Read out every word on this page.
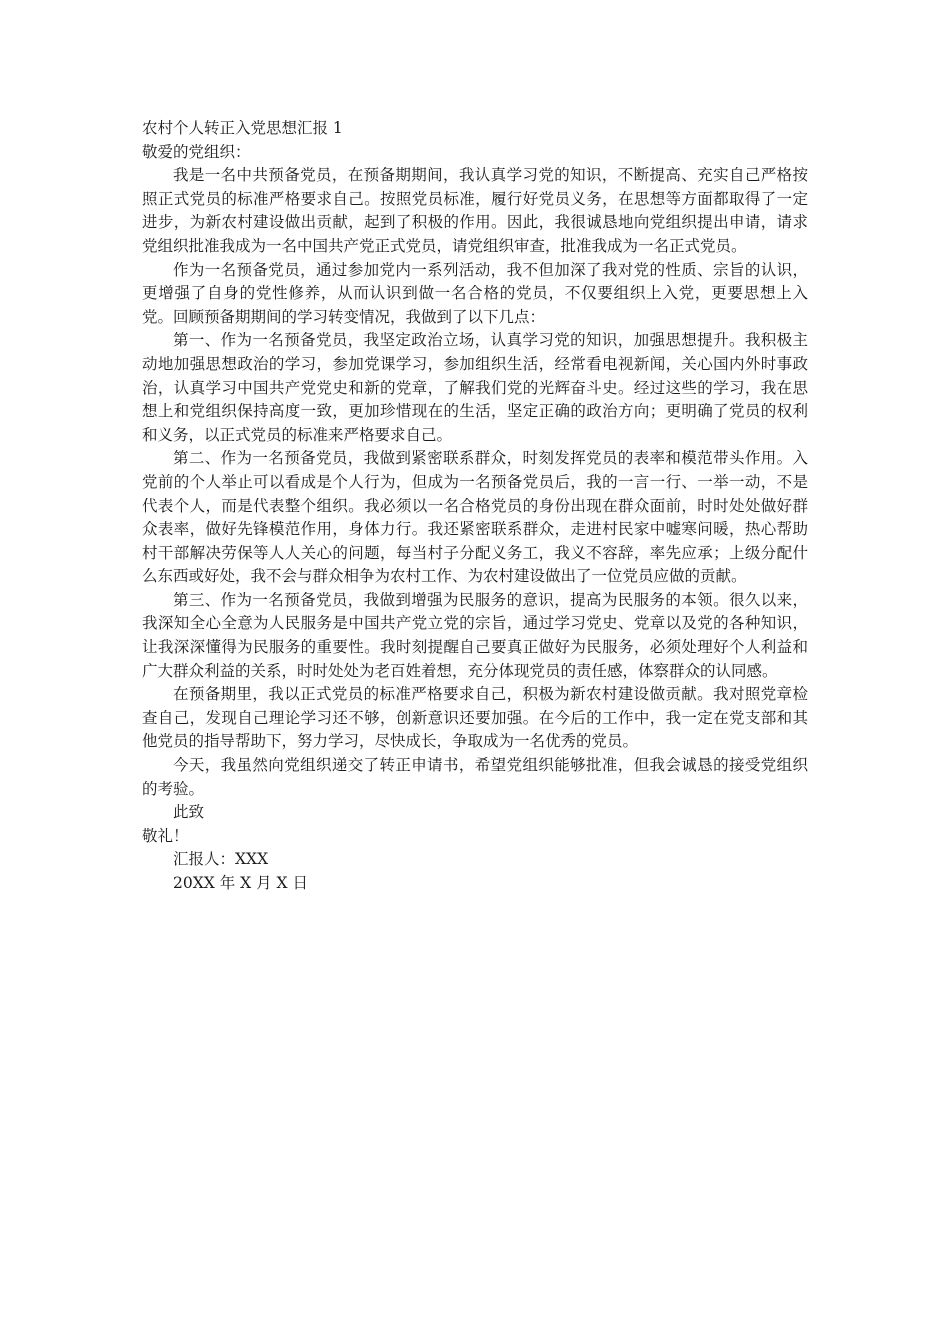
农村个人转正入党思想汇报 1

敬爱的党组织：

我是一名中共预备党员，在预备期期间，我认真学习党的知识，不断提高、充实自己严格按照正式党员的标准严格要求自己。按照党员标准，履行好党员义务，在思想等方面都取得了一定进步，为新农村建设做出贡献，起到了积极的作用。因此，我很诚恳地向党组织提出申请，请求党组织批准我成为一名中国共产党正式党员，请党组织审查，批准我成为一名正式党员。

作为一名预备党员，通过参加党内一系列活动，我不但加深了我对党的性质、宗旨的认识，更增强了自身的党性修养，从而认识到做一名合格的党员，不仅要组织上入党，更要思想上入党。回顾预备期期间的学习转变情况，我做到了以下几点：

第一、作为一名预备党员，我坚定政治立场，认真学习党的知识，加强思想提升。我积极主动地加强思想政治的学习，参加党课学习，参加组织生活，经常看电视新闻，关心国内外时事政治，认真学习中国共产党党史和新的党章，了解我们党的光辉奋斗史。经过这些的学习，我在思想上和党组织保持高度一致，更加珍惜现在的生活，坚定正确的政治方向；更明确了党员的权利和义务，以正式党员的标准来严格要求自己。

第二、作为一名预备党员，我做到紧密联系群众，时刻发挥党员的表率和模范带头作用。入党前的个人举止可以看成是个人行为，但成为一名预备党员后，我的一言一行、一举一动，不是代表个人，而是代表整个组织。我必须以一名合格党员的身份出现在群众面前，时时处处做好群众表率，做好先锋模范作用，身体力行。我还紧密联系群众，走进村民家中嘘寒问暖，热心帮助村干部解决劳保等人人关心的问题，每当村子分配义务工，我义不容辞，率先应承；上级分配什么东西或好处，我不会与群众相争为农村工作、为农村建设做出了一位党员应做的贡献。

第三、作为一名预备党员，我做到增强为民服务的意识，提高为民服务的本领。很久以来，我深知全心全意为人民服务是中国共产党立党的宗旨，通过学习党史、党章以及党的各种知识，让我深深懂得为民服务的重要性。我时刻提醒自己要真正做好为民服务，必须处理好个人利益和广大群众利益的关系，时时处处为老百姓着想，充分体现党员的责任感，体察群众的认同感。

在预备期里，我以正式党员的标准严格要求自己，积极为新农村建设做贡献。我对照党章检查自己，发现自己理论学习还不够，创新意识还要加强。在今后的工作中，我一定在党支部和其他党员的指导帮助下，努力学习，尽快成长，争取成为一名优秀的党员。

今天，我虽然向党组织递交了转正申请书，希望党组织能够批准，但我会诚恳的接受党组织的考验。

此致

敬礼！

汇报人：XXX

20XX 年 X 月 X 日
